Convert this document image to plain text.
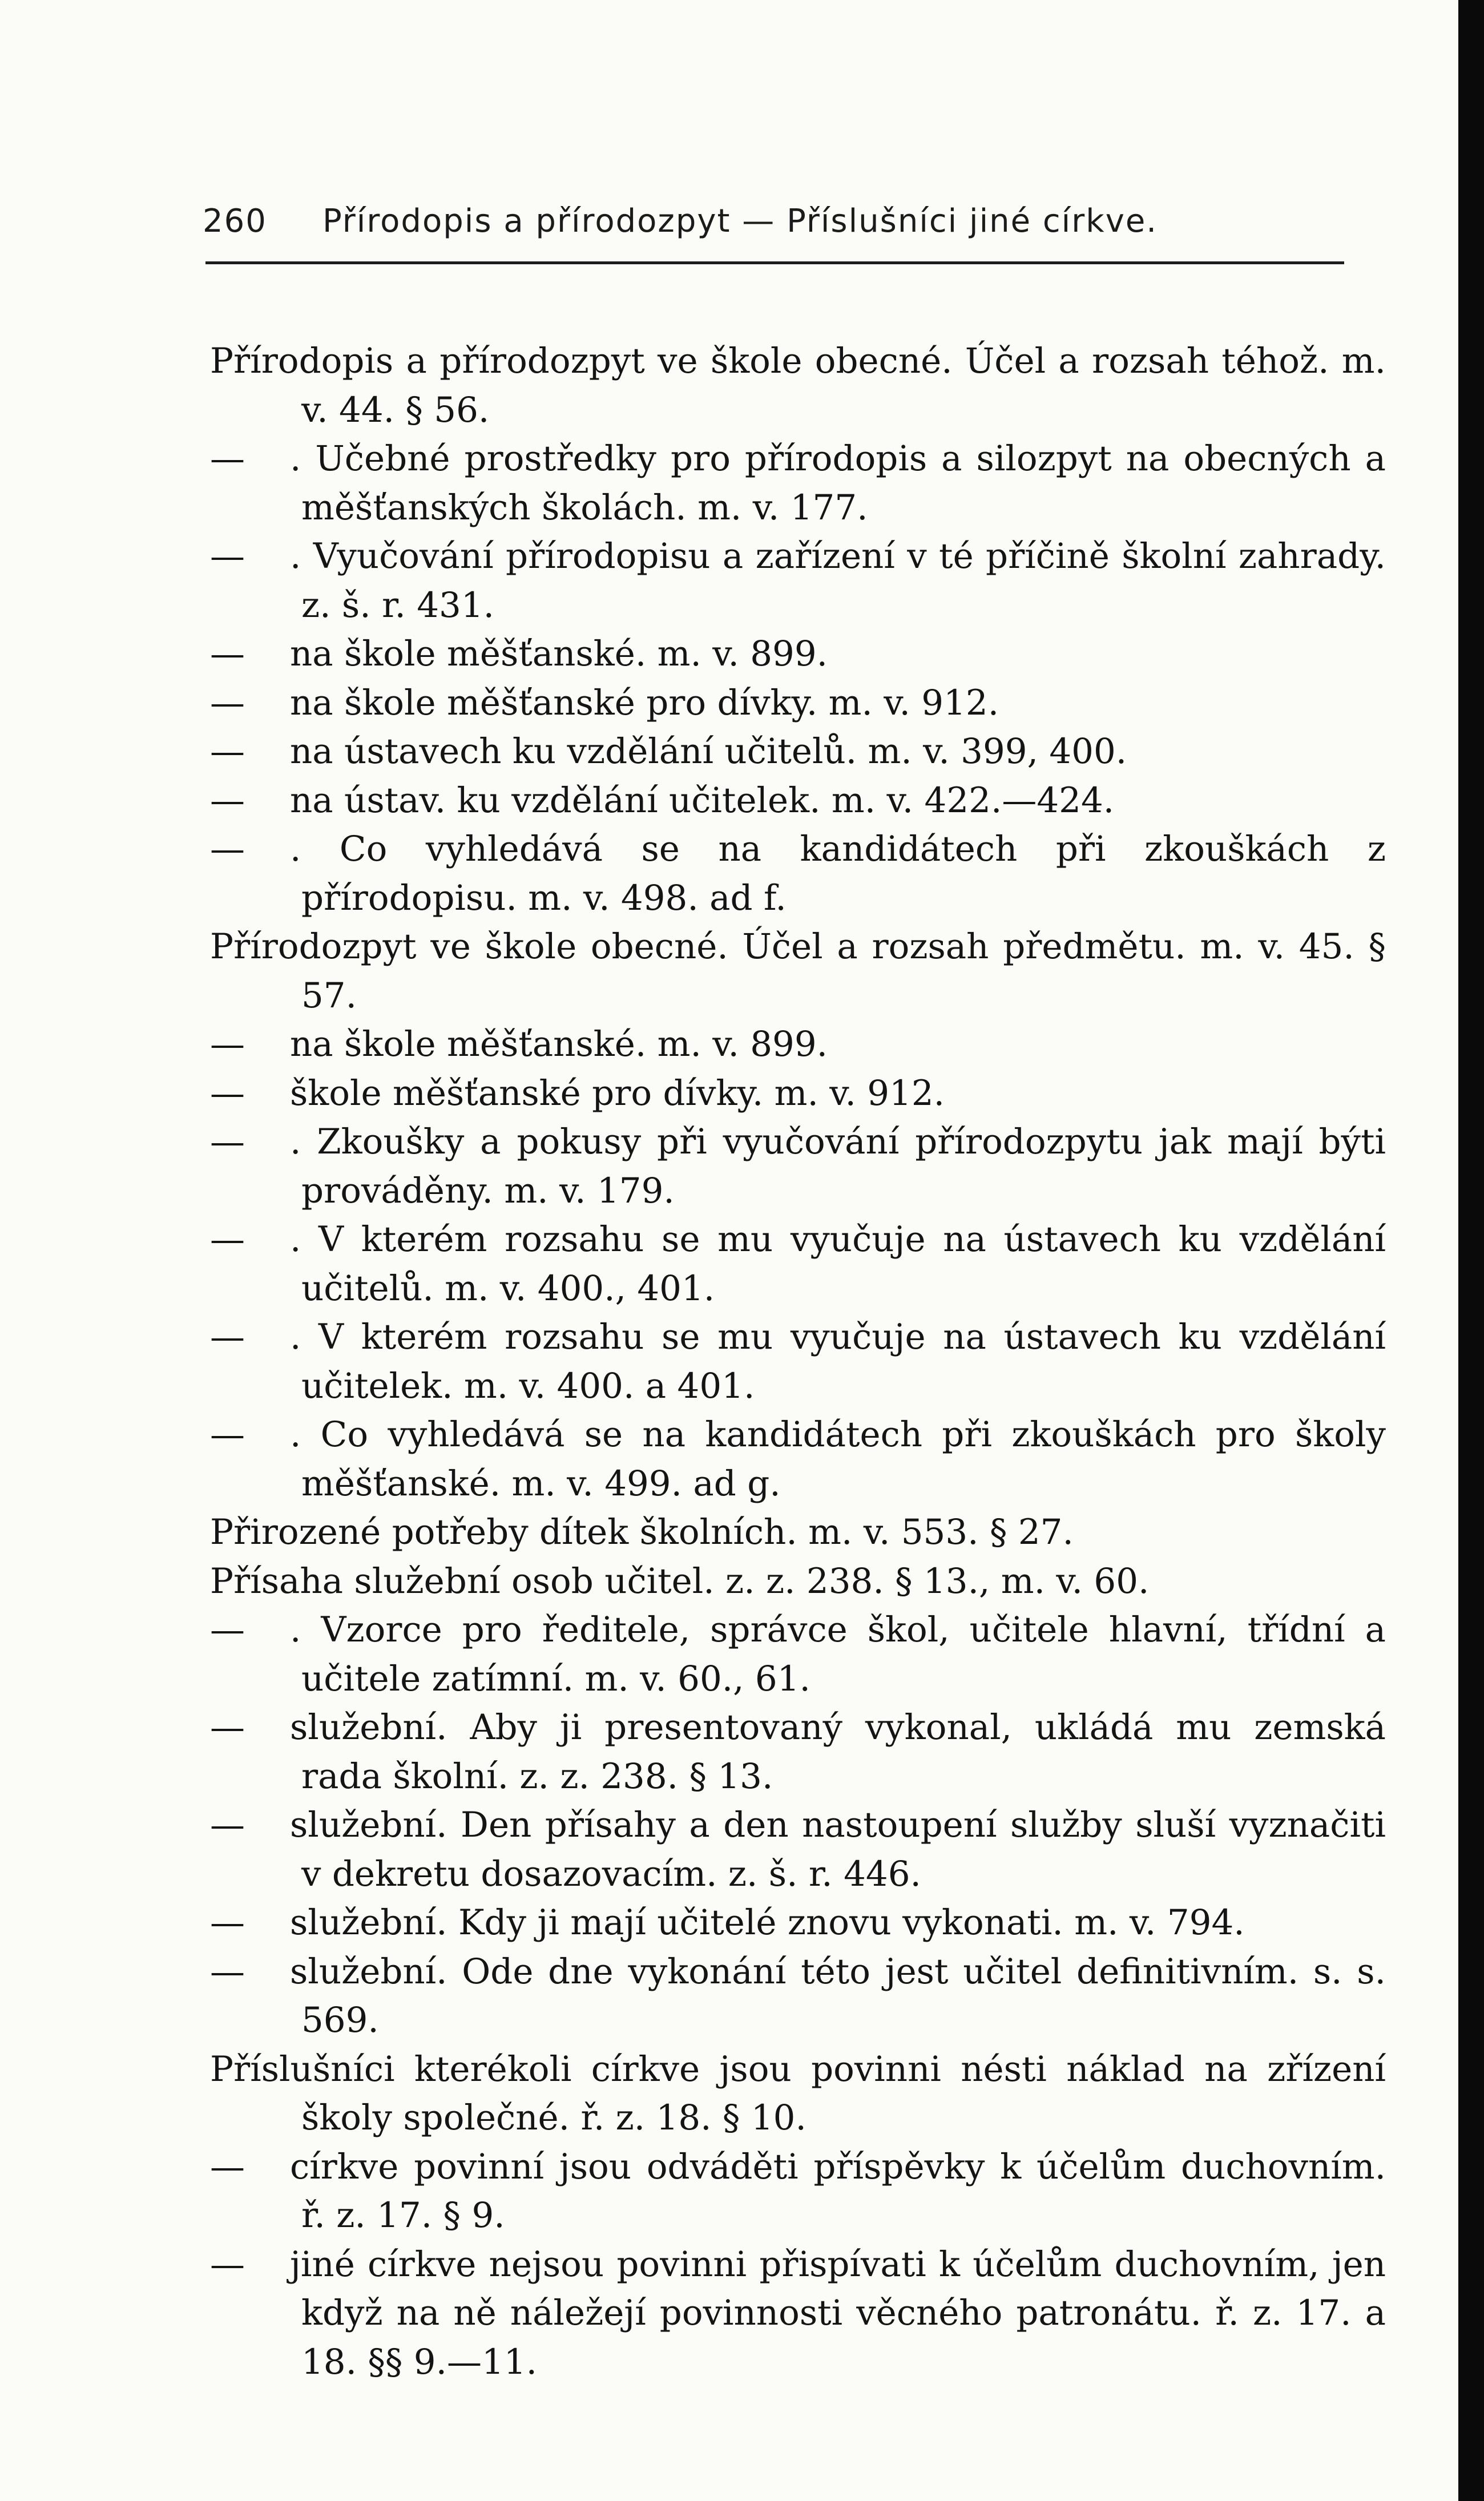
260 Přírodopis a přírodozpyt — Příslušníci jiné církve.
Přírodopis a přírodozpyt ve škole obecné. Účel a rozsah téhož. m. v. 44. § 56.
— . Učebné prostředky pro přírodopis a silozpyt na obecných a měšťanských školách. m. v. 177.
— . Vyučování přírodopisu a zařízení v té příčině školní zahrady. z. š. r. 431.
— na škole měšťanské. m. v. 899.
— na škole měšťanské pro dívky. m. v. 912.
— na ústavech ku vzdělání učitelů. m. v. 399, 400.
— na ústav. ku vzdělání učitelek. m. v. 422.—424.
— . Co vyhledává se na kandidátech při zkouškách z přírodopisu. m. v. 498. ad f.
Přírodozpyt ve škole obecné. Účel a rozsah předmětu. m. v. 45. § 57.
— na škole měšťanské. m. v. 899.
— škole měšťanské pro dívky. m. v. 912.
— . Zkoušky a pokusy při vyučování přírodozpytu jak mají býti prováděny. m. v. 179.
— . V kterém rozsahu se mu vyučuje na ústavech ku vzdělání učitelů. m. v. 400., 401.
— . V kterém rozsahu se mu vyučuje na ústavech ku vzdělání učitelek. m. v. 400. a 401.
— . Co vyhledává se na kandidátech při zkouškách pro školy měšťanské. m. v. 499. ad g.
Přirozené potřeby dítek školních. m. v. 553. § 27.
Přísaha služební osob učitel. z. z. 238. § 13., m. v. 60.
— . Vzorce pro ředitele, správce škol, učitele hlavní, třídní a učitele zatímní. m. v. 60., 61.
— služební. Aby ji presentovaný vykonal, ukládá mu zemská rada školní. z. z. 238. § 13.
— služební. Den přísahy a den nastoupení služby sluší vyznačiti v dekretu dosazovacím. z. š. r. 446.
— služební. Kdy ji mají učitelé znovu vykonati. m. v. 794.
— služební. Ode dne vykonání této jest učitel definitivním. s. s. 569.
Příslušníci kterékoli církve jsou povinni nésti náklad na zřízení školy společné. ř. z. 18. § 10.
— církve povinní jsou odváděti příspěvky k účelům duchovním. ř. z. 17. § 9.
— jiné církve nejsou povinni přispívati k účelům duchovním, jen když na ně náležejí povinnosti věcného patronátu. ř. z. 17. a 18. §§ 9.—11.
